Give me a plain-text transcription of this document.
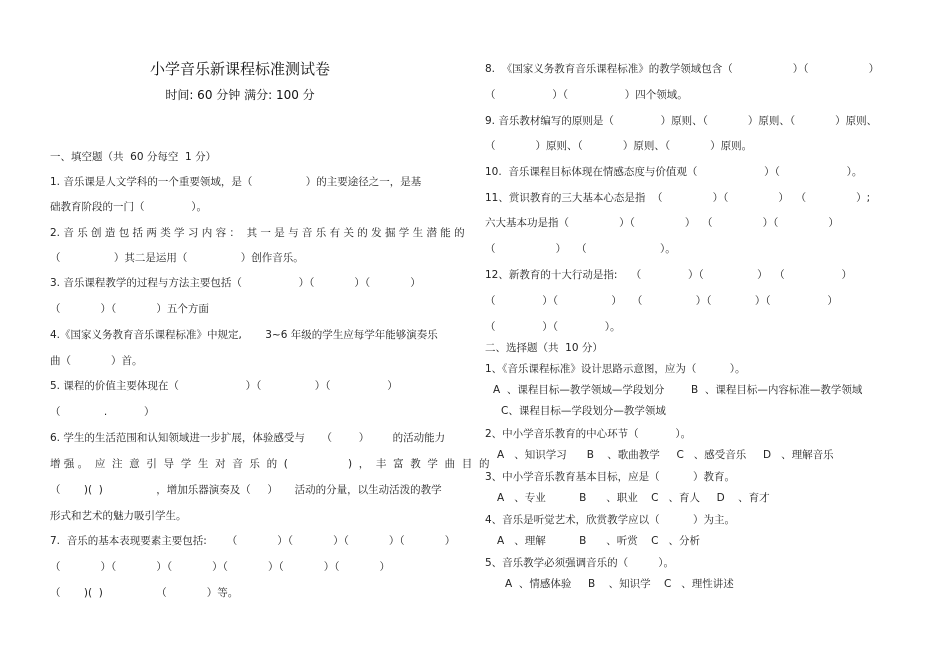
小学音乐新课程标准测试卷
时间: 60 分钟 满分: 100 分
一、填空题（共  60 分每空  1 分）
1. 音乐课是人文学科的一个重要领域，是（                ）的主要途径之一，是基
础教育阶段的一门（              ）。
2. 音 乐 创 造 包 括 两 类 学 习 内 容 ：  其 一 是 与 音 乐 有 关 的 发 掘 学 生 潜 能 的
（                ）其二是运用（                ）创作音乐。
3. 音乐课程教学的过程与方法主要包括（                 ）（            ）（            ）
（            ）（            ）五个方面
4.《国家义务教育音乐课程标准》中规定,       3~6 年级的学生应每学年能够演奏乐
曲（            ）首。
5. 课程的价值主要体现在（                    ）（                ）（                 ）
（             .           ）
6. 学生的生活范围和认知领域进一步扩展，体验感受与     （        ）       的活动能力
增 强 。  应  注  意  引  导  学  生  对  音  乐  的  (                  )  ，  丰  富  教  学  曲  目  的
（       )(  )                ，增加乐器演奏及（     ）     活动的分量，以生动活泼的教学
形式和艺术的魅力吸引学生。
7.  音乐的基本表现要素主要包括:      （            ）（            ）（            ）（            ）
（            ）（            ）（            ）（            ）（            ）（            ）
（       )(  )                （            ）等。
8.  《国家义务教育音乐课程标准》的教学领域包含（                  ）（                  ）
（                 ）（                 ）四个领域。
9. 音乐教材编写的原则是（              ）原则、（            ）原则、（            ）原则、
（            ）原则、（            ）原则、（            ）原则。
10.  音乐课程目标体现在情感态度与价值观（                    ）（                    ）。
11、赏识教育的三大基本心态是指  （               ）（               ）  （               ）;
六大基本功是指（               ）（               ）  （               ）（               ）
（                  ）   （                      ）。
12、新教育的十大行动是指:    （              ）（                ）  （                 ）
（              ）（                ）   （                ）（             ）（                 ）
（              ）（              ）。
二、选择题（共  10 分）
1、《音乐课程标准》设计思路示意图，应为（          ）。
A  、课程目标—教学领域—学段划分        B  、课程目标—内容标准—教学领域
C、课程目标—学段划分—教学领域
2、中小学音乐教育的中心环节（           ）。
A   、知识学习      B    、歌曲教学     C   、感受音乐     D   、理解音乐
3、中小学音乐教育基本目标，应是（          ）教育。
A   、专业          B      、职业    C   、育人     D    、育才
4、音乐是听觉艺术，欣赏教学应以（          ）为主。
A   、理解          B      、听赏    C   、分析
5、音乐教学必须强调音乐的（         ）。
A  、情感体验     B    、知识学    C   、理性讲述
